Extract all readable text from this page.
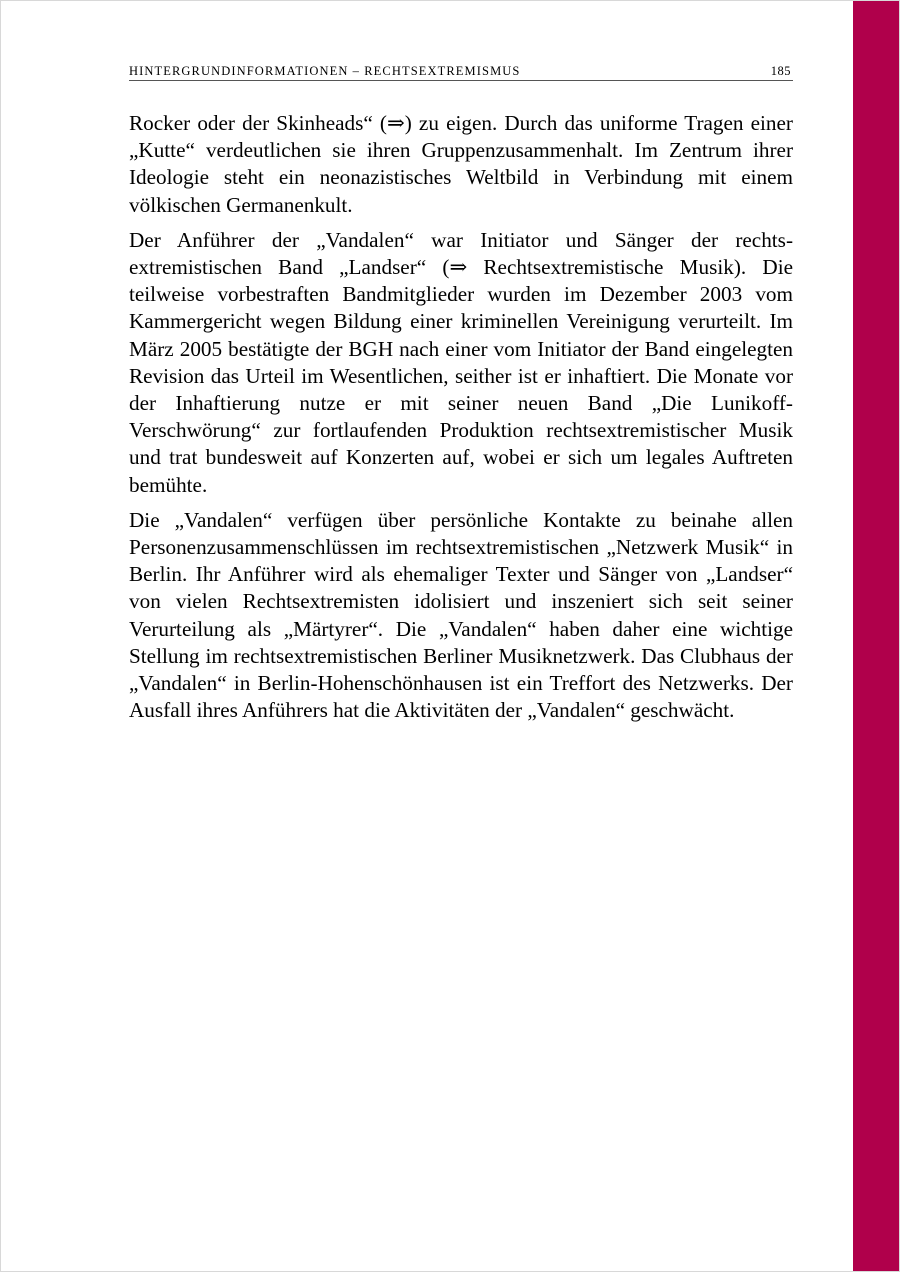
HINTERGRUNDINFORMATIONEN – RECHTSEXTREMISMUS	185

Rocker oder der Skinheads“ (⇒) zu eigen. Durch das uniforme Tragen einer „Kutte“ verdeutlichen sie ihren Gruppenzusammenhalt. Im Zentrum ihrer Ideologie steht ein neonazistisches Weltbild in Verbindung mit einem völkischen Germanenkult.

Der Anführer der „Vandalen“ war Initiator und Sänger der rechtsextremistischen Band „Landser“ (⇒ Rechtsextremistische Musik). Die teilweise vorbestraften Bandmitglieder wurden im Dezember 2003 vom Kammergericht wegen Bildung einer kriminellen Vereinigung verurteilt. Im März 2005 bestätigte der BGH nach einer vom Initiator der Band eingelegten Revision das Urteil im Wesentlichen, seither ist er inhaftiert. Die Monate vor der Inhaftierung nutze er mit seiner neuen Band „Die Lunikoff-Verschwörung“ zur fortlaufenden Produktion rechtsextremistischer Musik und trat bundesweit auf Konzerten auf, wobei er sich um legales Auftreten bemühte.

Die „Vandalen“ verfügen über persönliche Kontakte zu beinahe allen Personenzusammenschlüssen im rechtsextremistischen „Netzwerk Musik“ in Berlin. Ihr Anführer wird als ehemaliger Texter und Sänger von „Landser“ von vielen Rechtsextremisten idolisiert und inszeniert sich seit seiner Verurteilung als „Märtyrer“. Die „Vandalen“ haben daher eine wichtige Stellung im rechtsextremistischen Berliner Musiknetzwerk. Das Clubhaus der „Vandalen“ in Berlin-Hohenschönhausen ist ein Treffort des Netzwerks. Der Ausfall ihres Anführers hat die Aktivitäten der „Vandalen“ geschwächt.
